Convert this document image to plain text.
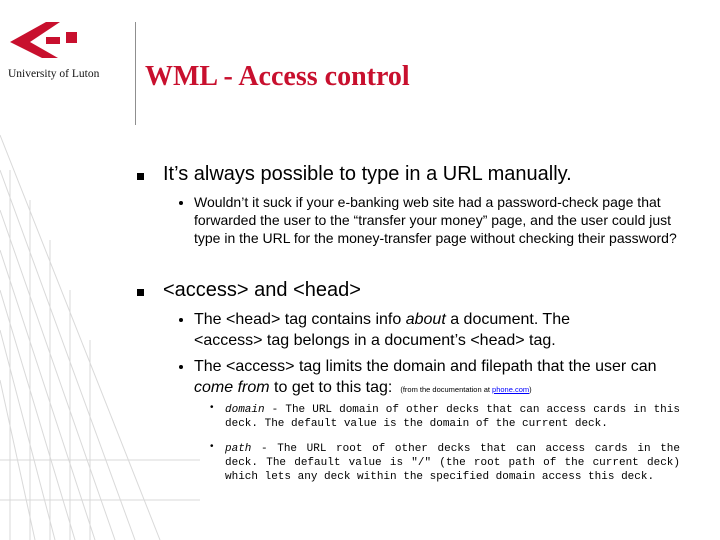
University of Luton	WML - Access control
It’s always possible to type in a URL manually.
Wouldn’t it suck if your e-banking web site had a password-check page that forwarded the user to the “transfer your money” page, and the user could just type in the URL for the money-transfer page without checking their password?
<access> and <head>
The <head> tag contains info about a document. The <access> tag belongs in a document’s <head> tag.
The <access> tag limits the domain and filepath that the user can come from to get to this tag: (from the documentation at phone.com)
• domain - The URL domain of other decks that can access cards in this deck. The default value is the domain of the current deck.
• path - The URL root of other decks that can access cards in the deck. The default value is "/" (the root path of the current deck) which lets any deck within the specified domain access this deck.
